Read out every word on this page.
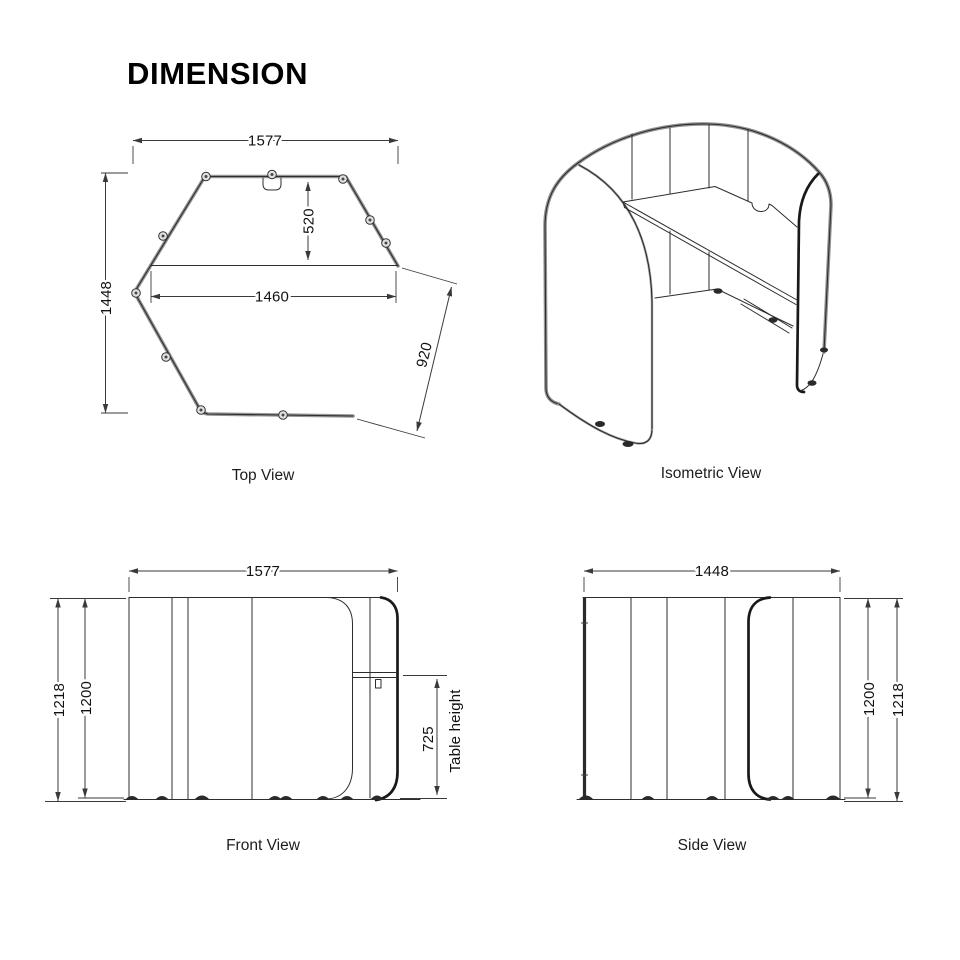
DIMENSION
1577
1448
520
1460
920
Top View	Isometric View
1577
1218 1200
725 Table height
Front View
1448
1200 1218
Side View
